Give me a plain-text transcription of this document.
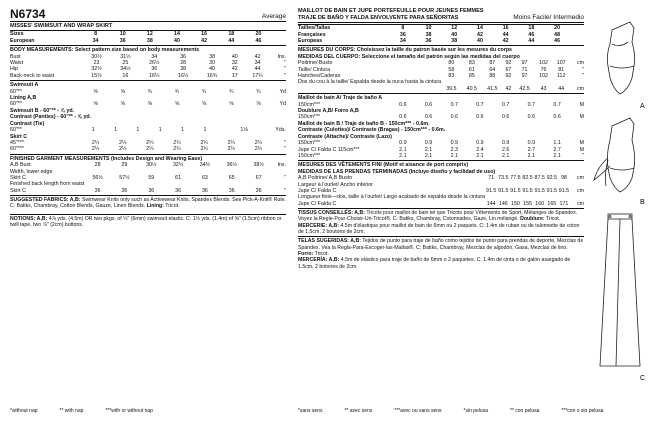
N6734	Average
MISSES' SWIMSUIT AND WRAP SKIRT
Sizes	8	10	12	14	16	18	20	
European	34	36	38	40	42	44	46	
BODY MEASUREMENTS: Select pattern size based on body measurements
Bust	30½	31½	34	36	38	40	42	Ins.
Waist	23	25	26½	28	30	32	34	"
Hip	32½	34½	36	38	40	42	44	"
Back-neck to waist	15½	16	16¼	16½	16¾	17	17¼	"
Swimsuit A
60"**	⅝	⅝	¾	¾	¾	¾	¾	Yd
Lining A,B
60"**	⅝	⅝	⅝	⅝	⅝	⅝	⅝	Yd
Swimsuit B - 60"** - ⅞ yd.
Contrast (Panties) - 60"** - ⅝ yd.
Contrast (Tie)
60"**	1	1	1	1	1	1	1⅛	Yds.
Skirt C
45"***	2¼	2¼	2¼	2¼	2¼	2¼	2¼	"
60"***	2¼	2¼	2¼	2¼	2¼	2¼	2¼	"
FINISHED GARMENT MEASUREMENTS (Includes Design and Wearing Ease)
A,B Bust	28	29	30½	32½	34½	36½	38½	Ins.
Width, lower edge								
Skirt C	56½	57½	59	61	63	65	67	"
Finished back length from waist								
Skirt C	36	36	36	36	36	36	36	"
SUGGESTED FABRICS: A,B: Swimwear Knits only such as Activewear Knits, Spandex Blends. See Pick-A-Knit® Rule. C: Batiks, Chambray, Cotton Blends, Gauze, Linen Blends. Lining: Tricot.
NOTIONS: A,B: 4⅞ yds. (4.5m) OR two pkgs. of ¼" (6mm) swimsuit elastic. C: 1½ yds. (1.4m) of ⅝" (1.5cm) ribbon or twill tape, two ⅞" (2cm) buttons.
MAILLOT DE BAIN ET JUPE PORTEFEUILLE POUR JEUNES FEMMES
TRAJE DE BAÑO Y FALDA ENVOLVENTE PARA SEÑORITAS	Moins Facile/ Intermedio
Tailles/Tallas	8	10	12	14	16	18	20	
Françaises	36	38	40	42	44	46	48	
Europeas	34	36	38	40	42	44	46	
MESURES DU CORPS: Choisissez la taille du patron basée sur les mesures du corps
MEDIDAS DEL CUERPO: Seleccione el tamaño del patrón según las medidas del cuerpo
Poitrine/ Busto	80	83	87	92	97	102	107	cm
Taille/ Cintura	58	61	64	67	71	76	81	"
Hanches/Caderas	83	85	88	92	97	102	112	"
Dos du cou à la taille/ Espalda desde la nuca hasta la cintura								
	39.5	40.5	41.5	42	42.5	43	44	cm
Maillot de bain A/ Traje de baño A
150cm***	0.6	0.6	0.7	0.7	0.7	0.7	0.7	M
Doublure A,B/ Forro A,B
150cm***	0.6	0.6	0.6	0.6	0.6	0.6	0.6	M
Maillot de bain B / Traje de baño B - 150cm*** - 0.6m.
Contraste (Culottes)/ Contraste (Bragas) - 150cm*** - 0.6m.
Contraste (Attache)/ Contraste (Lazo)
150cm***	0.9	0.9	0.9	0.9	0.9	0.9	1.1	M
Jupe C/ Falda C 115cm***	2.1	2.1	2.3	2.4	2.6	2.7	2.7	M
150cm***	2.1	2.1	2.1	2.1	2.1	2.1	2.1	"
MESURES DES VÊTEMENTS FINI (Motif et aisance de port compris)
MEDIDAS DE LAS PRENDAS TERMINADAS (Incluye diseño y facilidad de uso)
A,B Poitrine/ A,B Busto	71	73.5	77.5	82.5	87.5	92.5	98	cm
Largeur à l'ourlet/ Ancho inferior								
Jupe C/ Falda C	91.5	91.5	91.5	91.5	91.5	91.5	91.5	cm
Longueur finie—dos, taille à l'ourlet/ Largo acabado de espalda desde la cintura								
Jupe C/ Falda C	144	146	150	155	160	165	171	cm
TISSUS CONSEILLÉS: A,B: Tricots pour maillot de bain tel que Tricots pour Vêtements de Sport, Mélanges de Spandex. Voyez la Regle-Pour-Choisir-Un-Tricot®. C: Batiks, Chambray, Cotonnades, Gaze, Lin mélangé. Doublure: Tricot.
MERCERIE: A,B: 4.5m d'élastique pour maillot de bain de 6mm ou 2 paquets. C: 1.4m de ruban ou de talonnette de coton de 1.5cm, 2 boutons de 2cm.
TELAS SUGERIDAS: A,B: Tejidos de punto para traje de baño como tejidos de punto para prendas de deporte, Mezclas de Spandex. Vea la Regla-Para-Escoger-las-Mallas®. C: Batiks, Chambray, Mezclas de algodón, Gasa, Mezclas de lino. Forro: Tricot.
MERCERÍA: A,B: 4.5m de elástico para traje de baño de 6mm o 2 paquetes. C: 1.4m de cinta o de galón asargado de 1.5cm, 2 botones de 2cm.
A
B
C
*without nap	** with nap	***with or without nap	*sans sens	** avec sens	***avec ou sans sens	*sin pelusa	** con pelusa	***con o sin pelusa
